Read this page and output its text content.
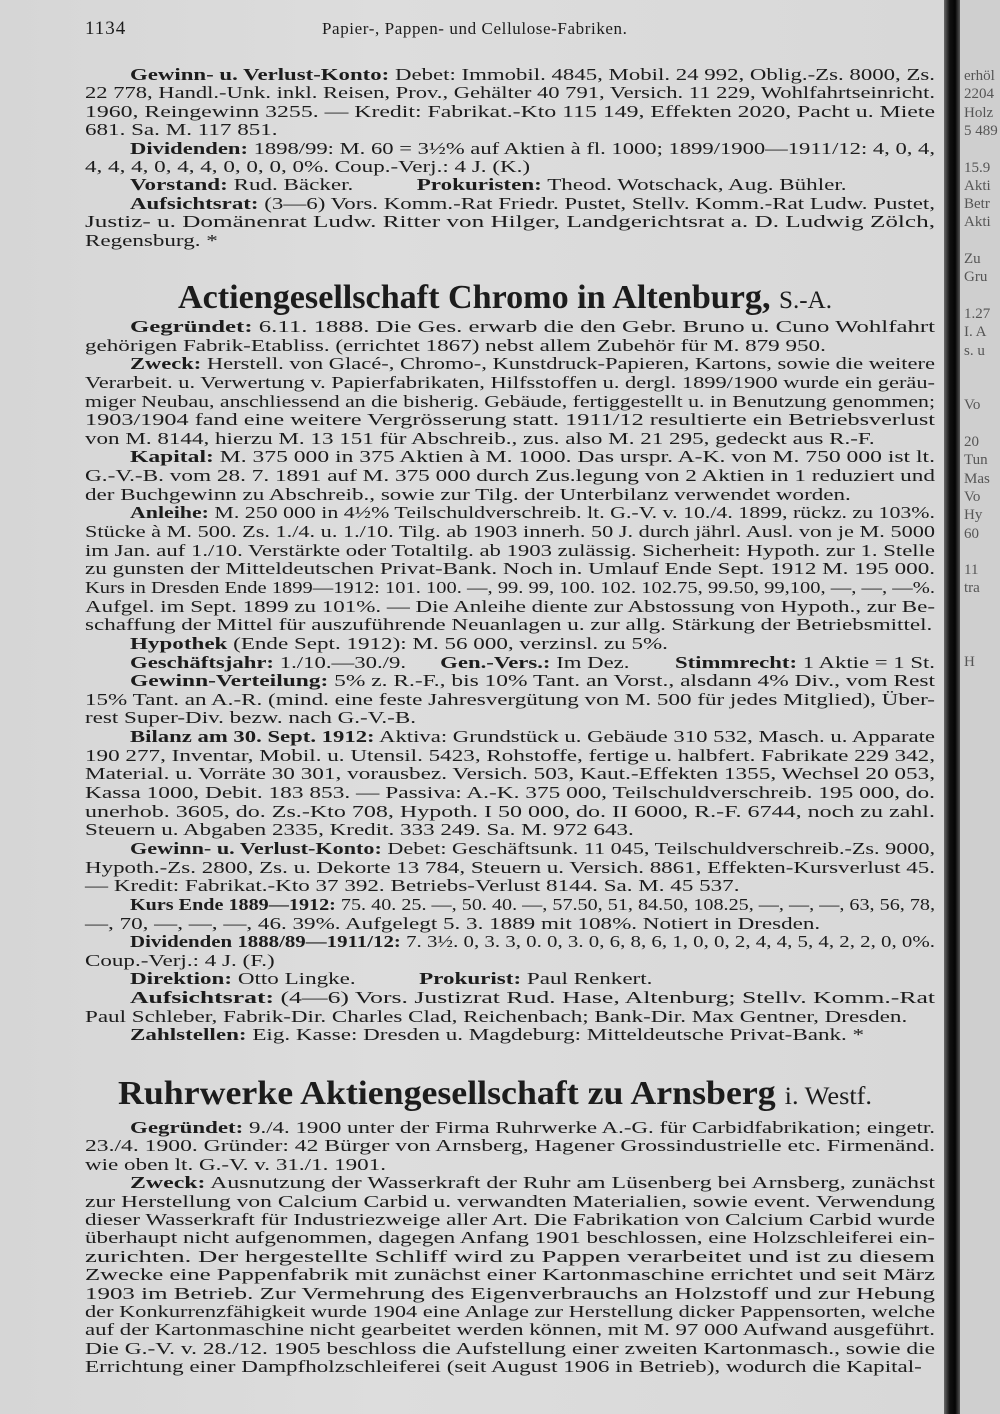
1134	Papier-, Pappen- und Cellulose-Fabriken.
Gewinn- u. Verlust-Konto: Debet: Immobil. 4845, Mobil. 24 992, Oblig.-Zs. 8000, Zs.
22 778, Handl.-Unk. inkl. Reisen, Prov., Gehälter 40 791, Versich. 11 229, Wohlfahrtseinricht.
1960, Reingewinn 3255. — Kredit: Fabrikat.-Kto 115 149, Effekten 2020, Pacht u. Miete
681. Sa. M. 117 851.
Dividenden: 1898/99: M. 60 = 3½% auf Aktien à fl. 1000; 1899/1900—1911/12: 4, 0, 4,
4, 4, 4, 0, 4, 4, 0, 0, 0, 0%. Coup.-Verj.: 4 J. (K.)
Vorstand: Rud. Bäcker.           Prokuristen: Theod. Wotschack, Aug. Bühler.
Aufsichtsrat: (3—6) Vors. Komm.-Rat Friedr. Pustet, Stellv. Komm.-Rat Ludw. Pustet,
Justiz- u. Domänenrat Ludw. Ritter von Hilger, Landgerichtsrat a. D. Ludwig Zölch,
Regensburg. *
Actiengesellschaft Chromo in Altenburg, S.-A.
Gegründet: 6.11. 1888. Die Ges. erwarb die den Gebr. Bruno u. Cuno Wohlfahrt
gehörigen Fabrik-Etabliss. (errichtet 1867) nebst allem Zubehör für M. 879 950.
Zweck: Herstell. von Glacé-, Chromo-, Kunstdruck-Papieren, Kartons, sowie die weitere
Verarbeit. u. Verwertung v. Papierfabrikaten, Hilfsstoffen u. dergl. 1899/1900 wurde ein geräu-
miger Neubau, anschliessend an die bisherig. Gebäude, fertiggestellt u. in Benutzung genommen;
1903/1904 fand eine weitere Vergrösserung statt. 1911/12 resultierte ein Betriebsverlust
von M. 8144, hierzu M. 13 151 für Abschreib., zus. also M. 21 295, gedeckt aus R.-F.
Kapital: M. 375 000 in 375 Aktien à M. 1000. Das urspr. A-K. von M. 750 000 ist lt.
G.-V.-B. vom 28. 7. 1891 auf M. 375 000 durch Zus.legung von 2 Aktien in 1 reduziert und
der Buchgewinn zu Abschreib., sowie zur Tilg. der Unterbilanz verwendet worden.
Anleihe: M. 250 000 in 4½% Teilschuldverschreib. lt. G.-V. v. 10./4. 1899, rückz. zu 103%.
Stücke à M. 500. Zs. 1./4. u. 1./10. Tilg. ab 1903 innerh. 50 J. durch jährl. Ausl. von je M. 5000
im Jan. auf 1./10. Verstärkte oder Totaltilg. ab 1903 zulässig. Sicherheit: Hypoth. zur 1. Stelle
zu gunsten der Mitteldeutschen Privat-Bank. Noch in. Umlauf Ende Sept. 1912 M. 195 000.
Kurs in Dresden Ende 1899—1912: 101. 100. —, 99. 99, 100. 102. 102.75, 99.50, 99,100, —, —, —%.
Aufgel. im Sept. 1899 zu 101%. — Die Anleihe diente zur Abstossung von Hypoth., zur Be-
schaffung der Mittel für auszuführende Neuanlagen u. zur allg. Stärkung der Betriebsmittel.
Hypothek (Ende Sept. 1912): M. 56 000, verzinsl. zu 5%.
Geschäftsjahr: 1./10.—30./9.      Gen.-Vers.: Im Dez.        Stimmrecht: 1 Aktie = 1 St.
Gewinn-Verteilung: 5% z. R.-F., bis 10% Tant. an Vorst., alsdann 4% Div., vom Rest
15% Tant. an A.-R. (mind. eine feste Jahresvergütung von M. 500 für jedes Mitglied), Über-
rest Super-Div. bezw. nach G.-V.-B.
Bilanz am 30. Sept. 1912: Aktiva: Grundstück u. Gebäude 310 532, Masch. u. Apparate
190 277, Inventar, Mobil. u. Utensil. 5423, Rohstoffe, fertige u. halbfert. Fabrikate 229 342,
Material. u. Vorräte 30 301, vorausbez. Versich. 503, Kaut.-Effekten 1355, Wechsel 20 053,
Kassa 1000, Debit. 183 853. — Passiva: A.-K. 375 000, Teilschuldverschreib. 195 000, do.
unerhob. 3605, do. Zs.-Kto 708, Hypoth. I 50 000, do. II 6000, R.-F. 6744, noch zu zahl.
Steuern u. Abgaben 2335, Kredit. 333 249. Sa. M. 972 643.
Gewinn- u. Verlust-Konto: Debet: Geschäftsunk. 11 045, Teilschuldverschreib.-Zs. 9000,
Hypoth.-Zs. 2800, Zs. u. Dekorte 13 784, Steuern u. Versich. 8861, Effekten-Kursverlust 45.
— Kredit: Fabrikat.-Kto 37 392. Betriebs-Verlust 8144. Sa. M. 45 537.
Kurs Ende 1889—1912: 75. 40. 25. —, 50. 40. —, 57.50, 51, 84.50, 108.25, —, —, —, 63, 56, 78,
—, 70, —, —, —, 46. 39%. Aufgelegt 5. 3. 1889 mit 108%. Notiert in Dresden.
Dividenden 1888/89—1911/12: 7. 3½. 0, 3. 3, 0. 0, 3. 0, 6, 8, 6, 1, 0, 0, 2, 4, 4, 5, 4, 2, 2, 0, 0%.
Coup.-Verj.: 4 J. (F.)
Direktion: Otto Lingke.           Prokurist: Paul Renkert.
Aufsichtsrat: (4—6) Vors. Justizrat Rud. Hase, Altenburg; Stellv. Komm.-Rat
Paul Schleber, Fabrik-Dir. Charles Clad, Reichenbach; Bank-Dir. Max Gentner, Dresden.
Zahlstellen: Eig. Kasse: Dresden u. Magdeburg: Mitteldeutsche Privat-Bank. *
Ruhrwerke Aktiengesellschaft zu Arnsberg i. Westf.
Gegründet: 9./4. 1900 unter der Firma Ruhrwerke A.-G. für Carbidfabrikation; eingetr.
23./4. 1900. Gründer: 42 Bürger von Arnsberg, Hagener Grossindustrielle etc. Firmenänd.
wie oben lt. G.-V. v. 31./1. 1901.
Zweck: Ausnutzung der Wasserkraft der Ruhr am Lüsenberg bei Arnsberg, zunächst
zur Herstellung von Calcium Carbid u. verwandten Materialien, sowie event. Verwendung
dieser Wasserkraft für Industriezweige aller Art. Die Fabrikation von Calcium Carbid wurde
überhaupt nicht aufgenommen, dagegen Anfang 1901 beschlossen, eine Holzschleiferei ein-
zurichten. Der hergestellte Schliff wird zu Pappen verarbeitet und ist zu diesem
Zwecke eine Pappenfabrik mit zunächst einer Kartonmaschine errichtet und seit März
1903 im Betrieb. Zur Vermehrung des Eigenverbrauchs an Holzstoff und zur Hebung
der Konkurrenzfähigkeit wurde 1904 eine Anlage zur Herstellung dicker Pappensorten, welche
auf der Kartonmaschine nicht gearbeitet werden können, mit M. 97 000 Aufwand ausgeführt.
Die G.-V. v. 28./12. 1905 beschloss die Aufstellung einer zweiten Kartonmasch., sowie die
Errichtung einer Dampfholzschleiferei (seit August 1906 in Betrieb), wodurch die Kapital-
erhöl
2204
Holz
5 489
15.9
Akti
Betr
Akti
Zu
Gru
1.27
I. A
s. u
Vo
20
Tun
Mas
Vo
Hy
60
11
tra
H
